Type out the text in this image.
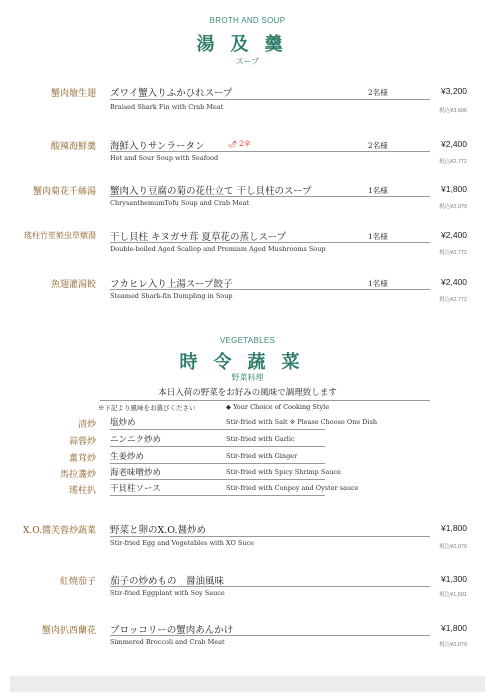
BROTH AND SOUP
湯及羹
スープ
蟹肉燴生翅 ズワイ蟹入りふかひれスープ	2名様	¥3,200
Braised Shark Fin with Crab Meat	税込¥3,696
酸辣海鮮羹 海鮮入りサンラータン	🌶 2辛	2名様	¥2,400
Hot and Sour Soup with Seafood	税込¥2,772
蟹肉菊花千絲湯 蟹肉入り豆腐の菊の花仕立て 干し貝柱のスープ	1名様	¥1,800
ChrysanthemumTofu Soup and Crab Meat	税込¥2,079
瑤柱竹笙姫虫草燉湯 干し貝柱 キヌガサ茸 夏草花の蒸しスープ	1名様	¥2,400
Double-boiled Aged Scallop and Premiam Aged Mushrooms Soup	税込¥2,772
魚翅灌湯餃 フカヒレ入り上湯スープ餃子	1名様	¥2,400
Steamed Shark-fin Dumpling in Soup	税込¥2,772
VEGETABLES
時令蔬菜
野菜料理
本日入荷の野菜をお好みの風味で調理致します
※下記より風味をお選びください	◆ Your Choice of Cooking Style
清炒 塩炒め	Stir-fried with Salt ※ Please Choose One Dish
蒜蓉炒 ニンニク炒め	Stir-fried with Garlic
薑茸炒 生姜炒め	Stir-fried with Ginger
馬拉盞炒 海老味噌炒め	Stir-fried with Spicy Shrimp Sauce
瑤柱扒 干貝柱ソース	Stir-fried with Conpoy and Oyster sauce
X.O.醬芙蓉炒蔬菜 野菜と卵のX.O.醤炒め	¥1,800
Stir-fried Egg and Vegetables with XO Suce	税込¥2,079
紅燒茄子 茄子の炒めもの　醤油風味	¥1,300
Stir-fried Eggplant with Soy Sauce	税込¥1,501
蟹肉扒西蘭花 ブロッコリーの蟹肉あんかけ	¥1,800
Simmered Broccoli and Crab Meat	税込¥2,079
